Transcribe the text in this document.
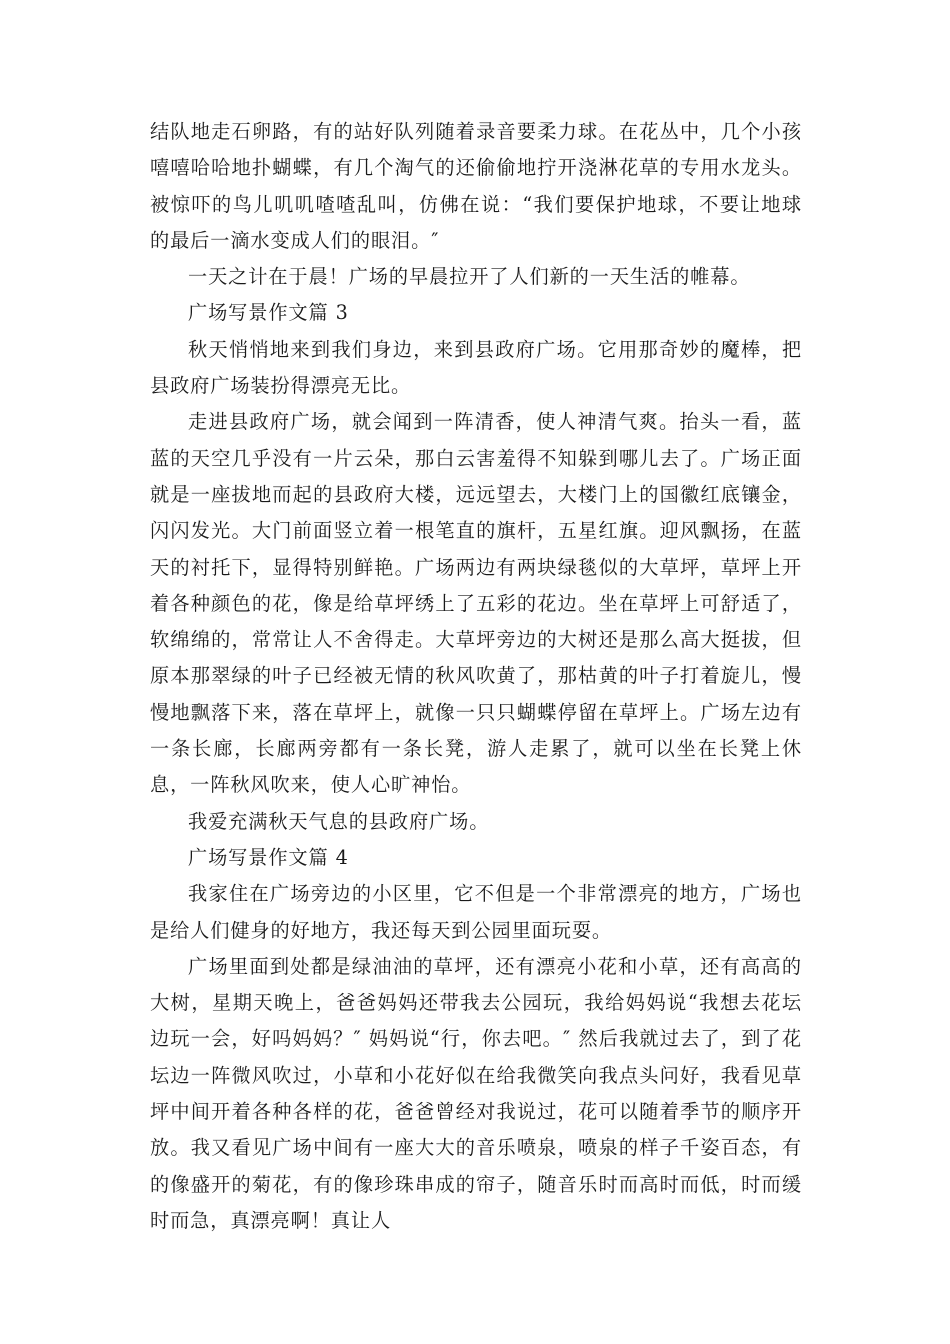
结队地走石卵路，有的站好队列随着录音要柔力球。在花丛中，几个小孩嘻嘻哈哈地扑蝴蝶，有几个淘气的还偷偷地拧开浇淋花草的专用水龙头。被惊吓的鸟儿叽叽喳喳乱叫，仿佛在说：“我们要保护地球，不要让地球的最后一滴水变成人们的眼泪。″

一天之计在于晨！广场的早晨拉开了人们新的一天生活的帷幕。

广场写景作文篇 3

秋天悄悄地来到我们身边，来到县政府广场。它用那奇妙的魔棒，把县政府广场装扮得漂亮无比。

走进县政府广场，就会闻到一阵清香，使人神清气爽。抬头一看，蓝蓝的天空几乎没有一片云朵，那白云害羞得不知躲到哪儿去了。广场正面就是一座拔地而起的县政府大楼，远远望去，大楼门上的国徽红底镶金，闪闪发光。大门前面竖立着一根笔直的旗杆，五星红旗。迎风飘扬，在蓝天的衬托下，显得特别鲜艳。广场两边有两块绿毯似的大草坪，草坪上开着各种颜色的花，像是给草坪绣上了五彩的花边。坐在草坪上可舒适了，软绵绵的，常常让人不舍得走。大草坪旁边的大树还是那么高大挺拔，但原本那翠绿的叶子已经被无情的秋风吹黄了，那枯黄的叶子打着旋儿，慢慢地飘落下来，落在草坪上，就像一只只蝴蝶停留在草坪上。广场左边有一条长廊，长廊两旁都有一条长凳，游人走累了，就可以坐在长凳上休息，一阵秋风吹来，使人心旷神怡。

我爱充满秋天气息的县政府广场。

广场写景作文篇 4

我家住在广场旁边的小区里，它不但是一个非常漂亮的地方，广场也是给人们健身的好地方，我还每天到公园里面玩耍。

广场里面到处都是绿油油的草坪，还有漂亮小花和小草，还有高高的大树，星期天晚上，爸爸妈妈还带我去公园玩，我给妈妈说“我想去花坛边玩一会，好吗妈妈？″ 妈妈说“行，你去吧。″ 然后我就过去了，到了花坛边一阵微风吹过，小草和小花好似在给我微笑向我点头问好，我看见草坪中间开着各种各样的花，爸爸曾经对我说过，花可以随着季节的顺序开放。我又看见广场中间有一座大大的音乐喷泉，喷泉的样子千姿百态，有的像盛开的菊花，有的像珍珠串成的帘子，随音乐时而高时而低，时而缓时而急，真漂亮啊！真让人
